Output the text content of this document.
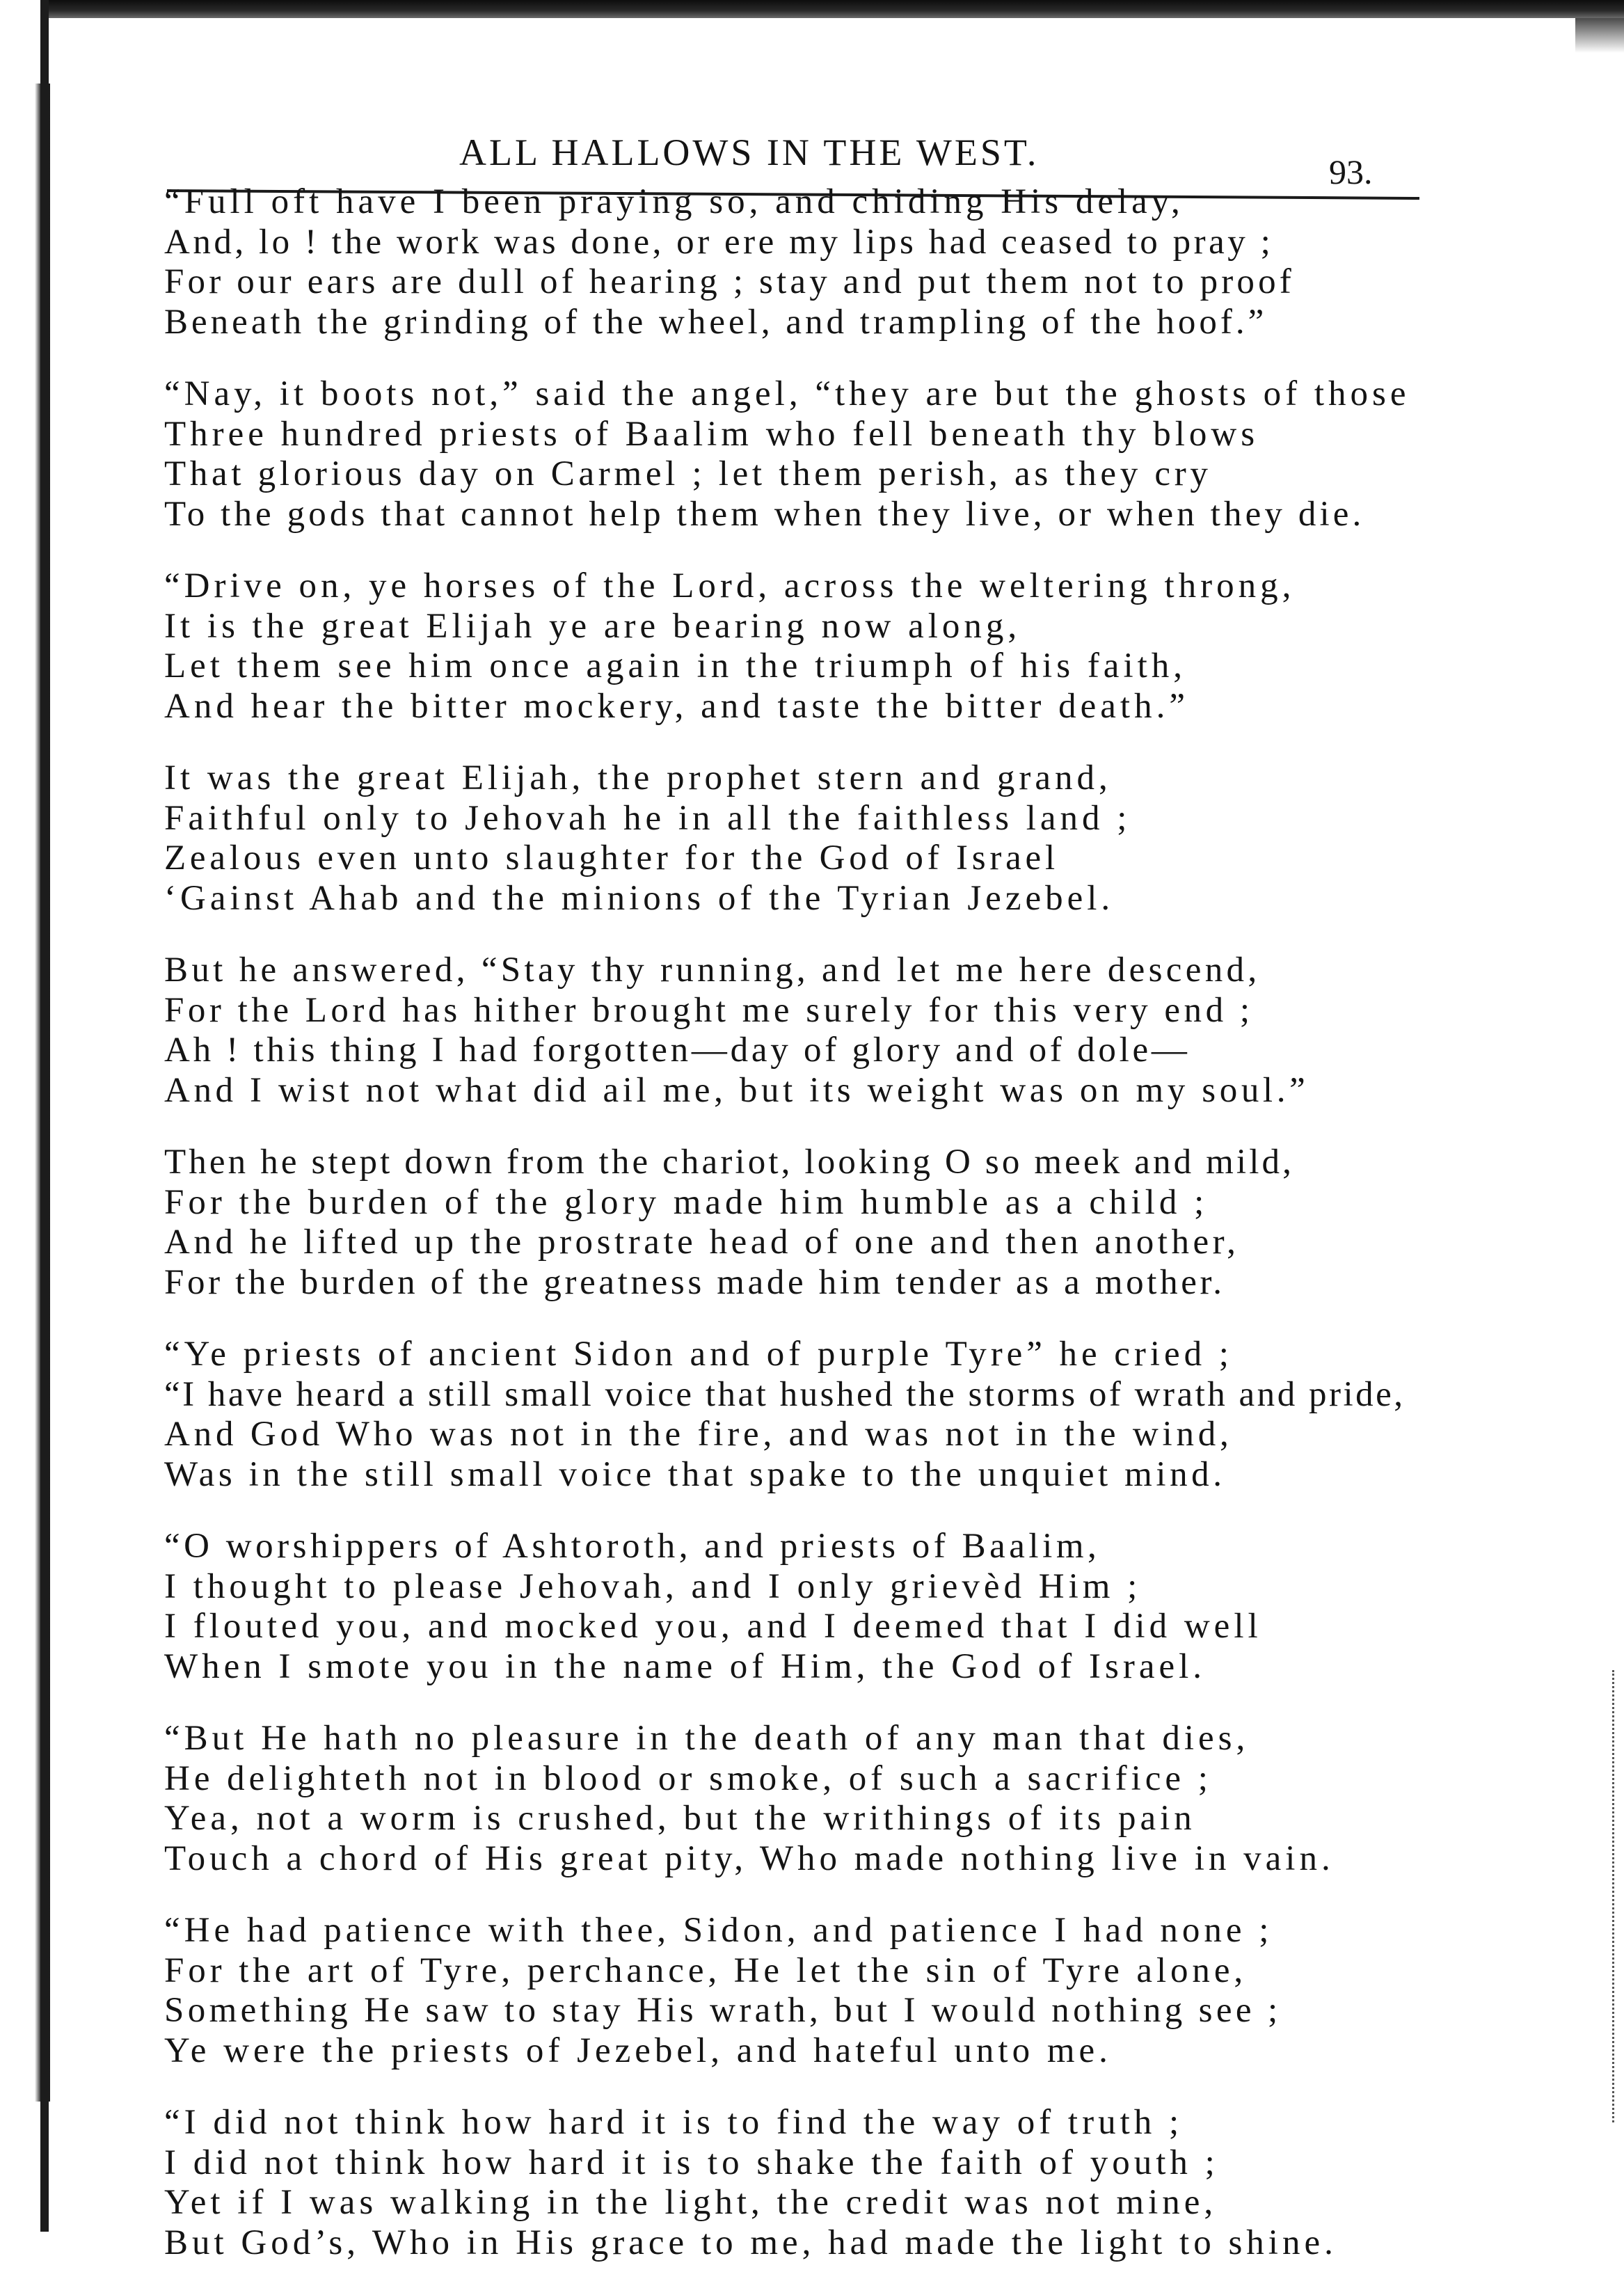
ALL HALLOWS IN THE WEST.	93.
“Full oft have I been praying so, and chiding His delay,
And, lo ! the work was done, or ere my lips had ceased to pray ;
For our ears are dull of hearing ; stay and put them not to proof
Beneath the grinding of the wheel, and trampling of the hoof.”
“Nay, it boots not,” said the angel, “they are but the ghosts of those
Three hundred priests of Baalim who fell beneath thy blows
That glorious day on Carmel ; let them perish, as they cry
To the gods that cannot help them when they live, or when they die.
“Drive on, ye horses of the Lord, across the weltering throng,
It is the great Elijah ye are bearing now along,
Let them see him once again in the triumph of his faith,
And hear the bitter mockery, and taste the bitter death.”
It was the great Elijah, the prophet stern and grand,
Faithful only to Jehovah he in all the faithless land ;
Zealous even unto slaughter for the God of Israel
‘Gainst Ahab and the minions of the Tyrian Jezebel.
But he answered, “Stay thy running, and let me here descend,
For the Lord has hither brought me surely for this very end ;
Ah ! this thing I had forgotten—day of glory and of dole—
And I wist not what did ail me, but its weight was on my soul.”
Then he stept down from the chariot, looking O so meek and mild,
For the burden of the glory made him humble as a child ;
And he lifted up the prostrate head of one and then another,
For the burden of the greatness made him tender as a mother.
“Ye priests of ancient Sidon and of purple Tyre” he cried ;
“I have heard a still small voice that hushed the storms of wrath and pride,
And God Who was not in the fire, and was not in the wind,
Was in the still small voice that spake to the unquiet mind.
“O worshippers of Ashtoroth, and priests of Baalim,
I thought to please Jehovah, and I only grievèd Him ;
I flouted you, and mocked you, and I deemed that I did well
When I smote you in the name of Him, the God of Israel.
“But He hath no pleasure in the death of any man that dies,
He delighteth not in blood or smoke, of such a sacrifice ;
Yea, not a worm is crushed, but the writhings of its pain
Touch a chord of His great pity, Who made nothing live in vain.
“He had patience with thee, Sidon, and patience I had none ;
For the art of Tyre, perchance, He let the sin of Tyre alone,
Something He saw to stay His wrath, but I would nothing see ;
Ye were the priests of Jezebel, and hateful unto me.
“I did not think how hard it is to find the way of truth ;
I did not think how hard it is to shake the faith of youth ;
Yet if I was walking in the light, the credit was not mine,
But God’s, Who in His grace to me, had made the light to shine.
